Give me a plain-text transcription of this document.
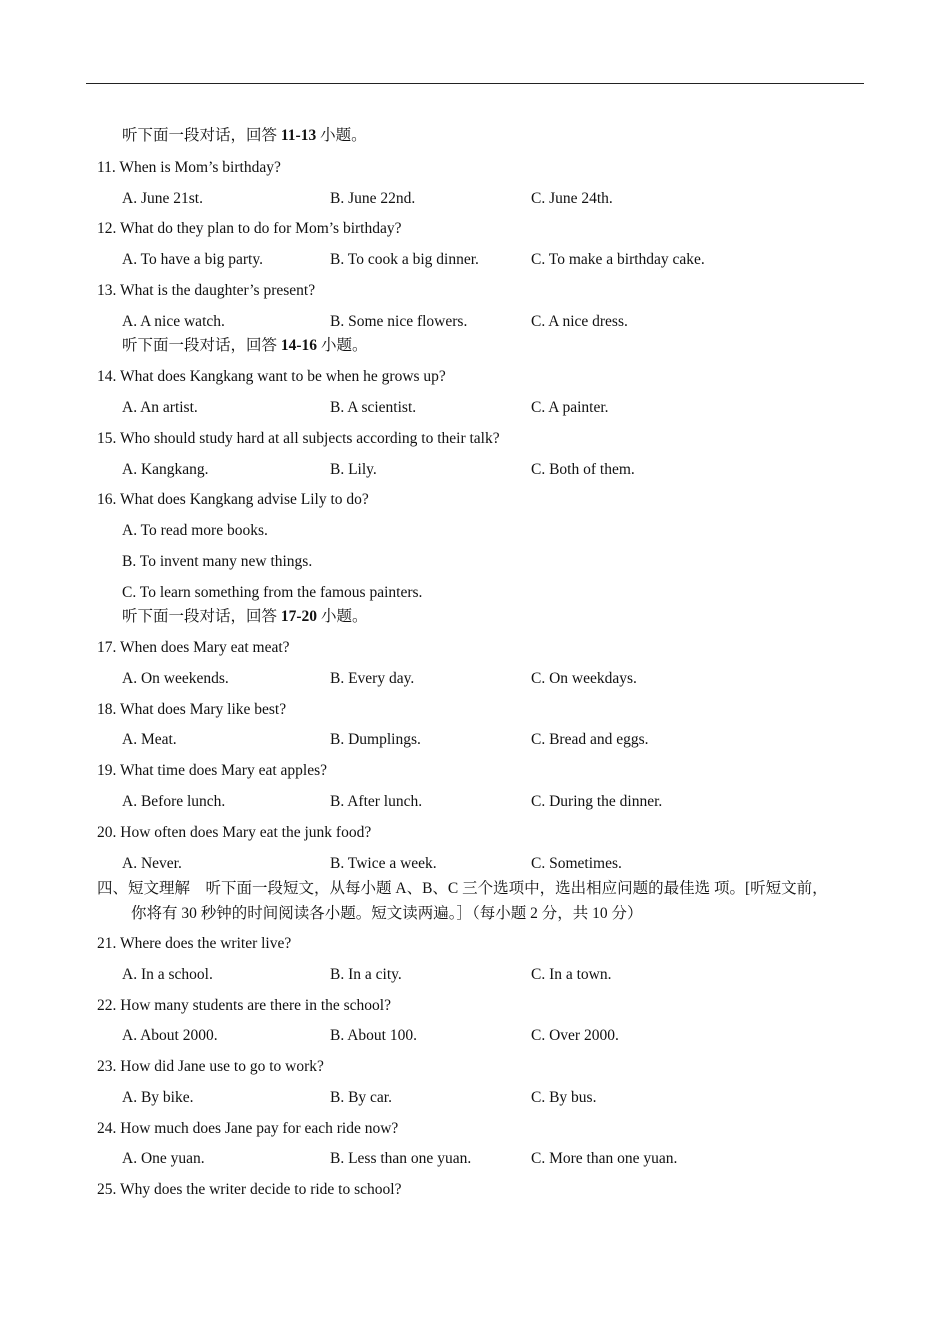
听下面一段对话，回答 11-13 小题。
11. When is Mom’s birthday?
A. June 21st.	B. June 22nd.	C. June 24th.
12. What do they plan to do for Mom’s birthday?
A. To have a big party.	B. To cook a big dinner.	C. To make a birthday cake.
13. What is the daughter’s present?
A. A nice watch.	B. Some nice flowers.	C. A nice dress.
听下面一段对话，回答 14-16 小题。
14. What does Kangkang want to be when he grows up?
A. An artist.	B. A scientist.	C. A painter.
15. Who should study hard at all subjects according to their talk?
A. Kangkang.	B. Lily.	C. Both of them.
16. What does Kangkang advise Lily to do?
A. To read more books.
B. To invent many new things.
C. To learn something from the famous painters.
听下面一段对话，回答 17-20 小题。
17. When does Mary eat meat?
A. On weekends.	B. Every day.	C. On weekdays.
18. What does Mary like best?
A. Meat.	B. Dumplings.	C. Bread and eggs.
19. What time does Mary eat apples?
A. Before lunch.	B. After lunch.	C. During the dinner.
20. How often does Mary eat the junk food?
A. Never.	B. Twice a week.	C. Sometimes.
四、短文理解　听下面一段短文，从每小题 A、B、C 三个选项中，选出相应问题的最佳选 项。[听短文前，
你将有 30 秒钟的时间阅读各小题。短文读两遍。］（每小题 2 分，共 10 分）
21. Where does the writer live?
A. In a school.	B. In a city.	C. In a town.
22. How many students are there in the school?
A. About 2000.	B. About 100.	C. Over 2000.
23. How did Jane use to go to work?
A. By bike.	B. By car.	C. By bus.
24. How much does Jane pay for each ride now?
A. One yuan.	B. Less than one yuan.	C. More than one yuan.
25. Why does the writer decide to ride to school?
